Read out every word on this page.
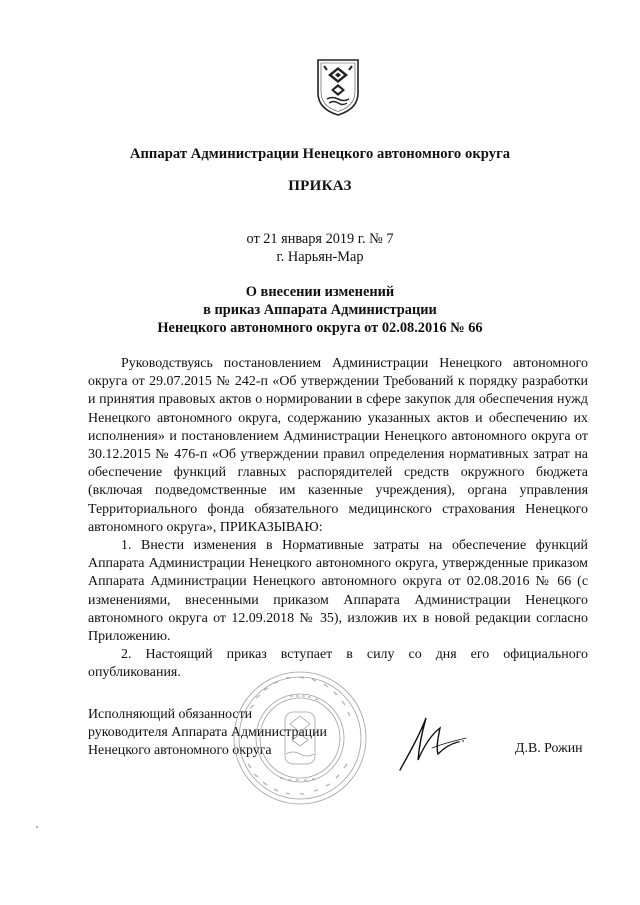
Аппарат Администрации Ненецкого автономного округа
ПРИКАЗ
от 21 января 2019 г. № 7
г. Нарьян-Мар
О внесении изменений
в приказ Аппарата Администрации
Ненецкого автономного округа от 02.08.2016 № 66

Руководствуясь постановлением Администрации Ненецкого автономного округа от 29.07.2015 № 242-п «Об утверждении Требований к порядку разработки и принятия правовых актов о нормировании в сфере закупок для обеспечения нужд Ненецкого автономного округа, содержанию указанных актов и обеспечению их исполнения» и постановлением Администрации Ненецкого автономного округа от 30.12.2015 № 476-п «Об утверждении правил определения нормативных затрат на обеспечение функций главных распорядителей средств окружного бюджета (включая подведомственные им казенные учреждения), органа управления Территориального фонда обязательного медицинского страхования Ненецкого автономного округа», ПРИКАЗЫВАЮ:

1. Внести изменения в Нормативные затраты на обеспечение функций Аппарата Администрации Ненецкого автономного округа, утвержденные приказом Аппарата Администрации Ненецкого автономного округа от 02.08.2016 № 66 (с изменениями, внесенными приказом Аппарата Администрации Ненецкого автономного округа от 12.09.2018 № 35), изложив их в новой редакции согласно Приложению.

2. Настоящий приказ вступает в силу со дня его официального опубликования.

Исполняющий обязанности
руководителя Аппарата Администрации
Ненецкого автономного округа	Д.В. Рожин
